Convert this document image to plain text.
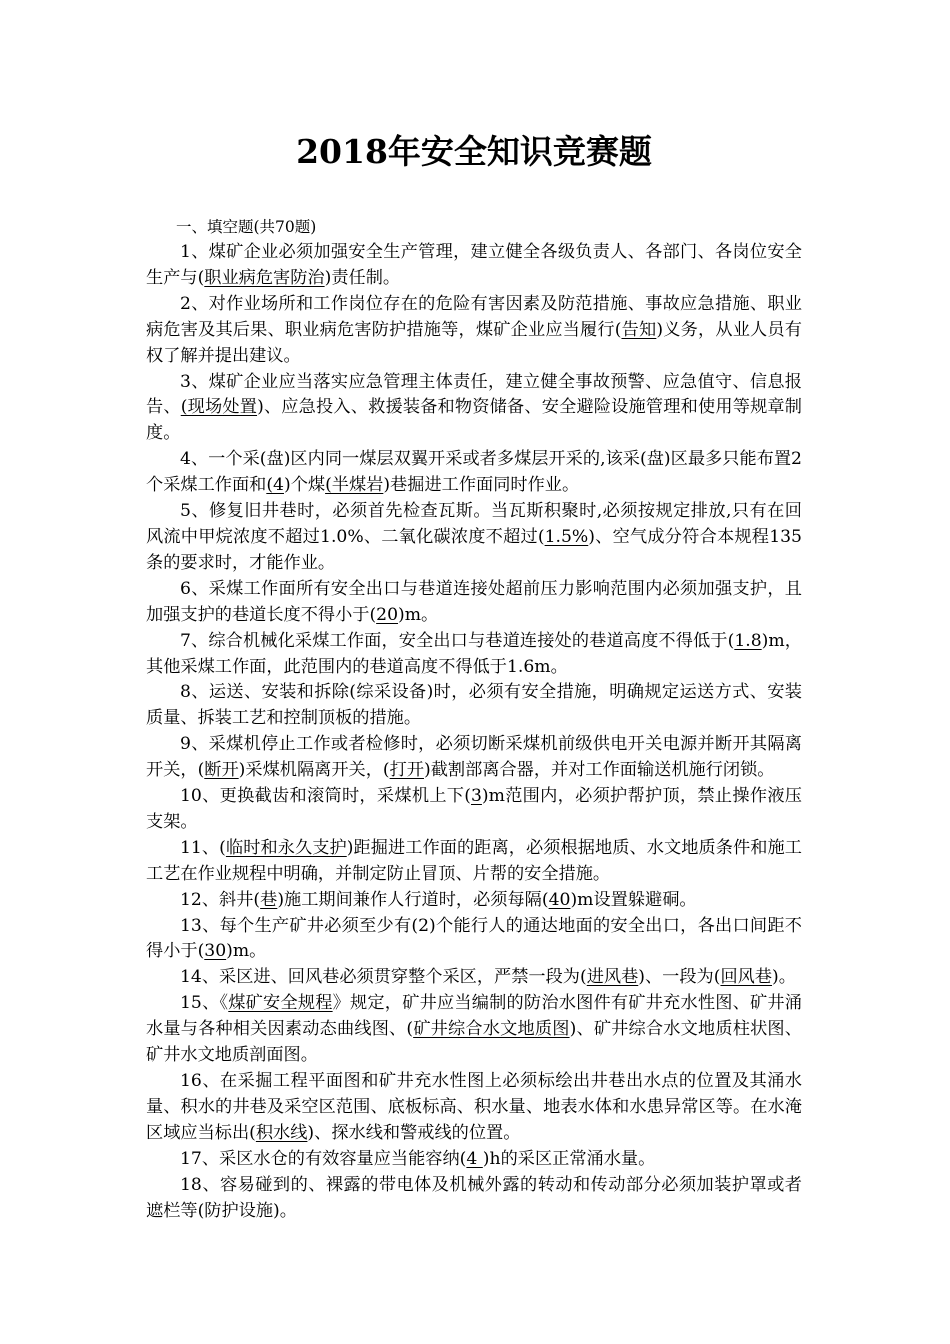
2018年安全知识竞赛题

一、填空题(共70题)

1、煤矿企业必须加强安全生产管理，建立健全各级负责人、各部门、各岗位安全生产与(职业病危害防治)责任制。

2、对作业场所和工作岗位存在的危险有害因素及防范措施、事故应急措施、职业病危害及其后果、职业病危害防护措施等，煤矿企业应当履行(告知)义务，从业人员有权了解并提出建议。

3、煤矿企业应当落实应急管理主体责任，建立健全事故预警、应急值守、信息报告、(现场处置)、应急投入、救援装备和物资储备、安全避险设施管理和使用等规章制度。

4、一个采(盘)区内同一煤层双翼开采或者多煤层开采的,该采(盘)区最多只能布置2个采煤工作面和(4)个煤(半煤岩)巷掘进工作面同时作业。

5、修复旧井巷时，必须首先检查瓦斯。当瓦斯积聚时,必须按规定排放,只有在回风流中甲烷浓度不超过1.0%、二氧化碳浓度不超过(1.5%)、空气成分符合本规程135条的要求时，才能作业。

6、采煤工作面所有安全出口与巷道连接处超前压力影响范围内必须加强支护，且加强支护的巷道长度不得小于(20)m。

7、综合机械化采煤工作面，安全出口与巷道连接处的巷道高度不得低于(1.8)m，其他采煤工作面，此范围内的巷道高度不得低于1.6m。

8、运送、安装和拆除(综采设备)时，必须有安全措施，明确规定运送方式、安装质量、拆装工艺和控制顶板的措施。

9、采煤机停止工作或者检修时，必须切断采煤机前级供电开关电源并断开其隔离开关，(断开)采煤机隔离开关，(打开)截割部离合器，并对工作面输送机施行闭锁。

10、更换截齿和滚筒时，采煤机上下(3)m范围内，必须护帮护顶，禁止操作液压支架。

11、(临时和永久支护)距掘进工作面的距离，必须根据地质、水文地质条件和施工工艺在作业规程中明确，并制定防止冒顶、片帮的安全措施。

12、斜井(巷)施工期间兼作人行道时，必须每隔(40)m设置躲避硐。

13、每个生产矿井必须至少有(2)个能行人的通达地面的安全出口，各出口间距不得小于(30)m。

14、采区进、回风巷必须贯穿整个采区，严禁一段为(进风巷)、一段为(回风巷)。

15、《煤矿安全规程》规定，矿井应当编制的防治水图件有矿井充水性图、矿井涌水量与各种相关因素动态曲线图、(矿井综合水文地质图)、矿井综合水文地质柱状图、矿井水文地质剖面图。

16、在采掘工程平面图和矿井充水性图上必须标绘出井巷出水点的位置及其涌水量、积水的井巷及采空区范围、底板标高、积水量、地表水体和水患异常区等。在水淹区域应当标出(积水线)、探水线和警戒线的位置。

17、采区水仓的有效容量应当能容纳(4 )h的采区正常涌水量。

18、容易碰到的、裸露的带电体及机械外露的转动和传动部分必须加装护罩或者遮栏等(防护设施)。
